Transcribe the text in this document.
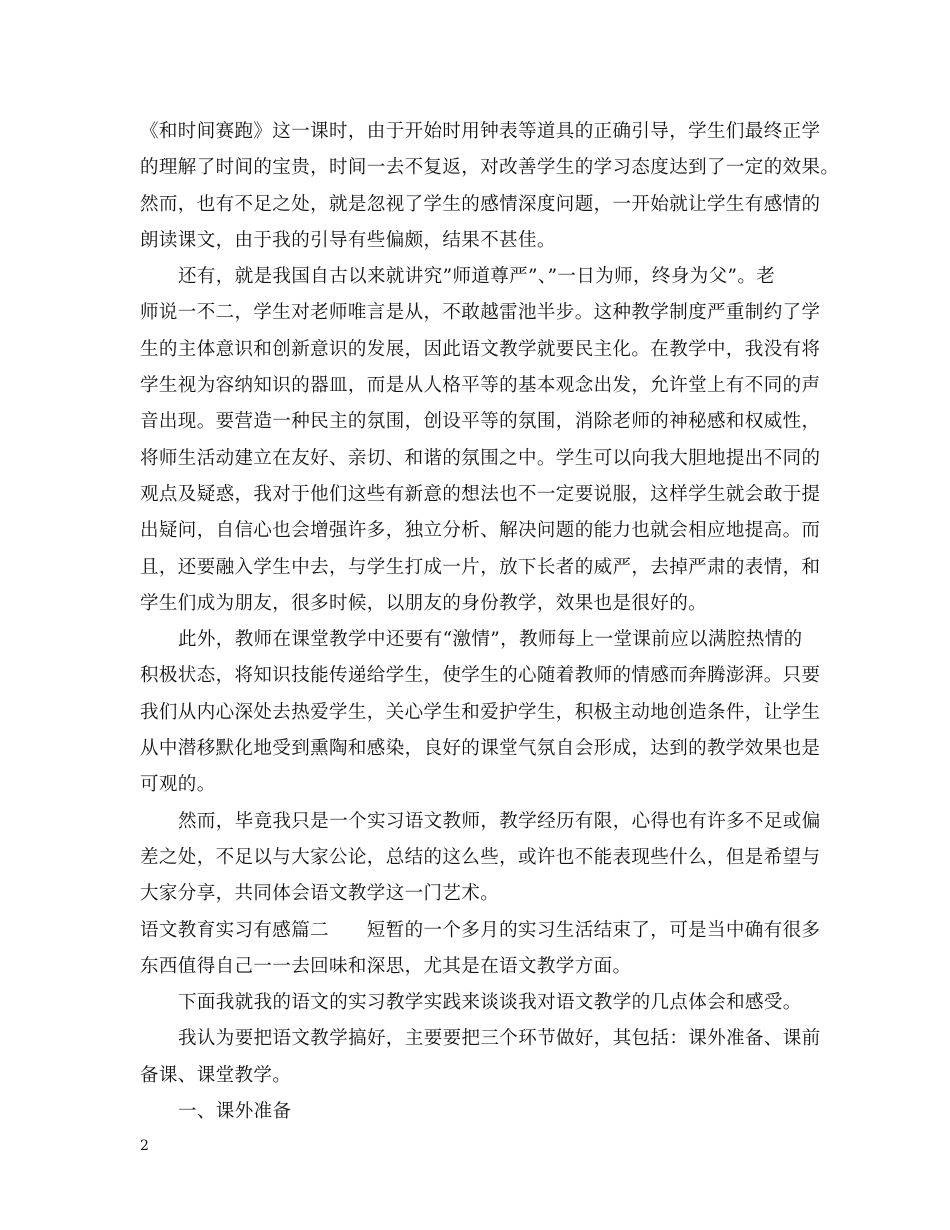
《和时间赛跑》这一课时，由于开始时用钟表等道具的正确引导，学生们最终正学
的理解了时间的宝贵，时间一去不复返，对改善学生的学习态度达到了一定的效果。
然而，也有不足之处，就是忽视了学生的感情深度问题，一开始就让学生有感情的
朗读课文，由于我的引导有些偏颇，结果不甚佳。
还有，就是我国自古以来就讲究”师道尊严”、”一日为师，终身为父”。老
师说一不二，学生对老师唯言是从，不敢越雷池半步。这种教学制度严重制约了学
生的主体意识和创新意识的发展，因此语文教学就要民主化。在教学中，我没有将
学生视为容纳知识的器皿，而是从人格平等的基本观念出发，允许堂上有不同的声
音出现。要营造一种民主的氛围，创设平等的氛围，消除老师的神秘感和权威性，
将师生活动建立在友好、亲切、和谐的氛围之中。学生可以向我大胆地提出不同的
观点及疑惑，我对于他们这些有新意的想法也不一定要说服，这样学生就会敢于提
出疑问，自信心也会增强许多，独立分析、解决问题的能力也就会相应地提高。而
且，还要融入学生中去，与学生打成一片，放下长者的威严，去掉严肃的表情，和
学生们成为朋友，很多时候，以朋友的身份教学，效果也是很好的。
此外，教师在课堂教学中还要有“激情”，教师每上一堂课前应以满腔热情的
积极状态，将知识技能传递给学生，使学生的心随着教师的情感而奔腾澎湃。只要
我们从内心深处去热爱学生，关心学生和爱护学生，积极主动地创造条件，让学生
从中潜移默化地受到熏陶和感染，良好的课堂气氛自会形成，达到的教学效果也是
可观的。
然而，毕竟我只是一个实习语文教师，教学经历有限，心得也有许多不足或偏
差之处，不足以与大家公论，总结的这么些，或许也不能表现些什么，但是希望与
大家分享，共同体会语文教学这一门艺术。
语文教育实习有感篇二　　短暂的一个多月的实习生活结束了，可是当中确有很多
东西值得自己一一去回味和深思，尤其是在语文教学方面。
下面我就我的语文的实习教学实践来谈谈我对语文教学的几点体会和感受。
我认为要把语文教学搞好，主要要把三个环节做好，其包括：课外准备、课前
备课、课堂教学。
一、课外准备
2
